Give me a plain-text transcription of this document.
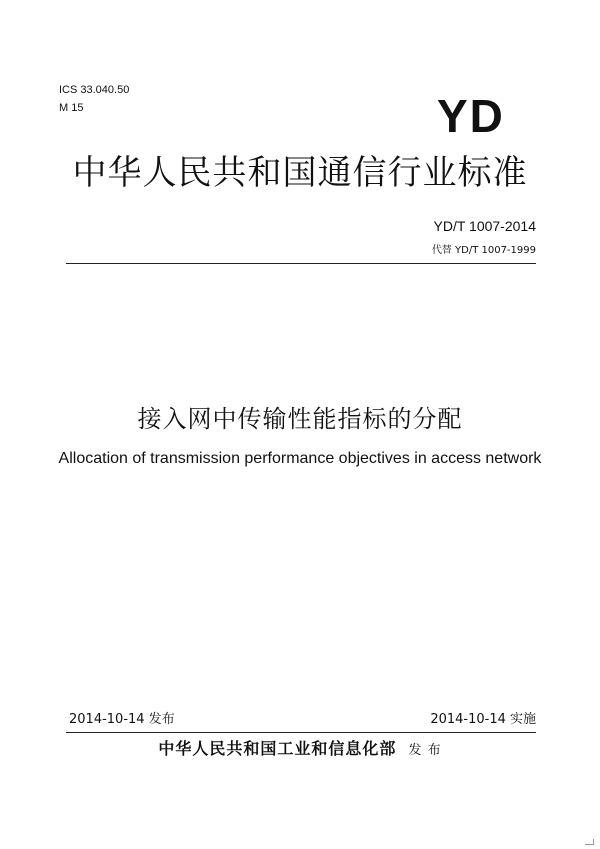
ICS 33.040.50
M 15	YD
中华人民共和国通信行业标准
YD/T 1007-2014
代替 YD/T 1007-1999
接入网中传输性能指标的分配
Allocation of transmission performance objectives in access network
2014-10-14 发布	2014-10-14 实施
中华人民共和国工业和信息化部 发 布
